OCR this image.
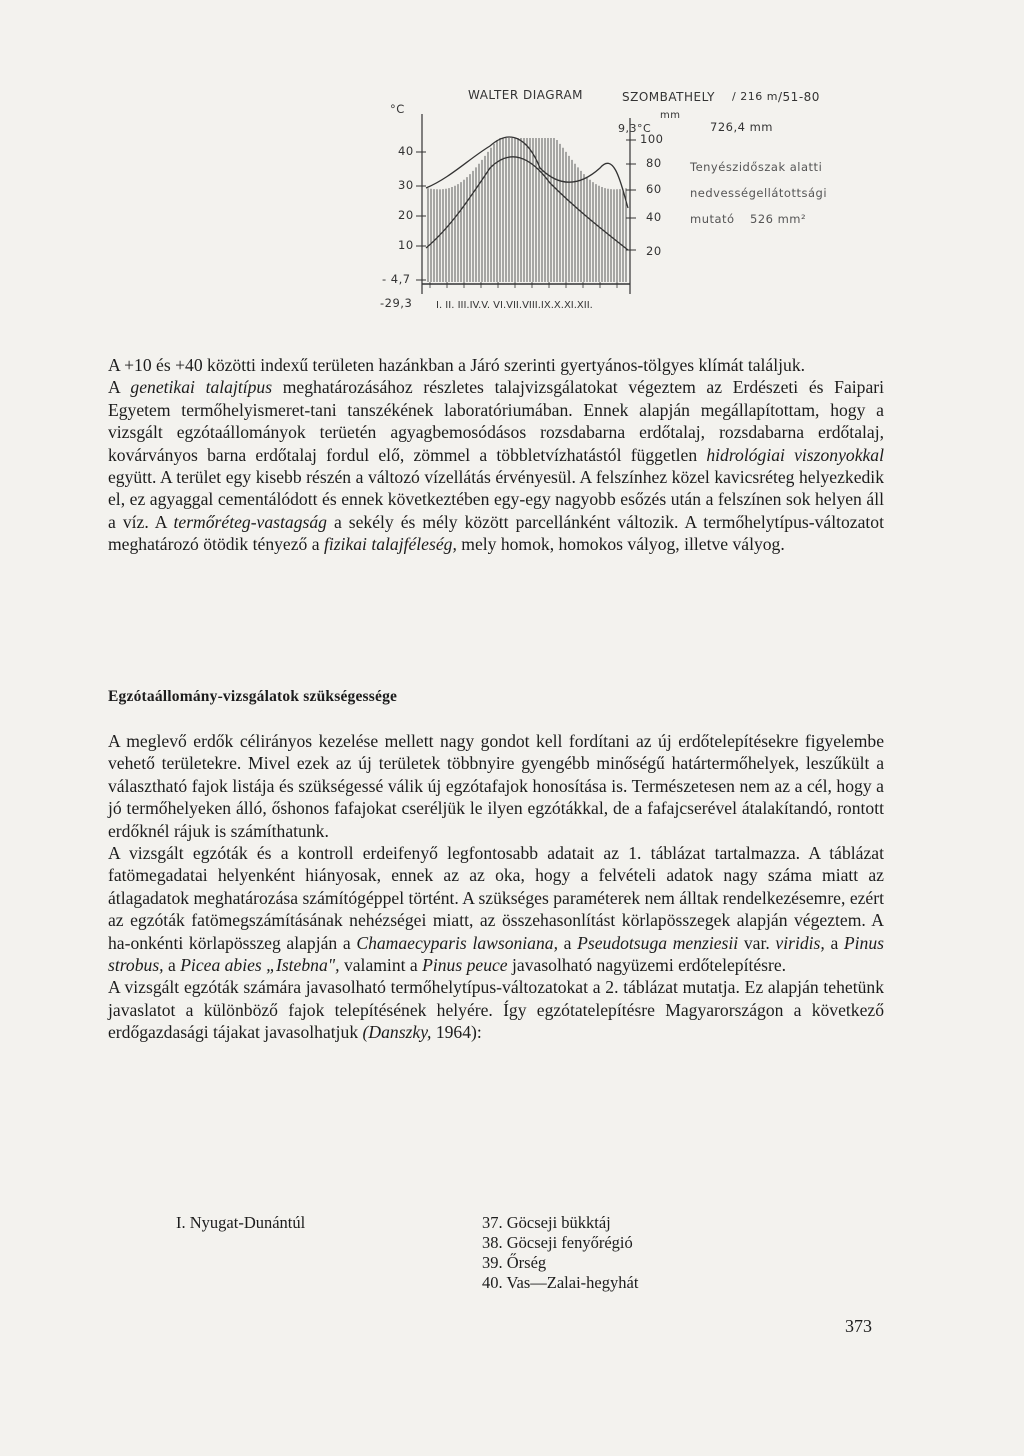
WALTER DIAGRAM	SZOMBATHELY / 216 m /51-80
°C	mm
9,3°C	726,4 mm
Tenyészidőszak alatti
nedvességellátottsági
mutató 526 mm²
100
80
60
40
20
40
30
20
10
- 4,7
-29,3 I. II. III.IV.V. VI.VII.VIII.IX.X.XI.XII.

A +10 és +40 közötti indexű területen hazánkban a Járó szerinti gyertyános-tölgyes klímát találjuk.

A genetikai talajtípus meghatározásához részletes talajvizsgálatokat végeztem az Erdészeti és Faipari Egyetem termőhelyismeret-tani tanszékének laboratóriumában. Ennek alapján megállapítottam, hogy a vizsgált egzótaállományok terüetén agyagbemosódásos rozsdabarna erdőtalaj, rozsdabarna erdőtalaj, kovárványos barna erdőtalaj fordul elő, zömmel a többletvízhatástól független hidrológiai viszonyokkal együtt. A terület egy kisebb részén a változó vízellátás érvényesül. A felszínhez közel kavicsréteg helyezkedik el, ez agyaggal cementálódott és ennek következtében egy-egy nagyobb esőzés után a felszínen sok helyen áll a víz. A termőréteg-vastagság a sekély és mély között parcellánként változik. A termőhelytípus-változatot meghatározó ötödik tényező a fizikai talajféleség, mely homok, homokos vályog, illetve vályog.

Egzótaállomány-vizsgálatok szükségessége

A meglevő erdők célirányos kezelése mellett nagy gondot kell fordítani az új erdőtelepítésekre figyelembe vehető területekre. Mivel ezek az új területek többnyire gyengébb minőségű határtermőhelyek, leszűkült a választható fajok listája és szükségessé válik új egzótafajok honosítása is. Természetesen nem az a cél, hogy a jó termőhelyeken álló, őshonos fafajokat cseréljük le ilyen egzótákkal, de a fafajcserével átalakítandó, rontott erdőknél rájuk is számíthatunk.

A vizsgált egzóták és a kontroll erdeifenyő legfontosabb adatait az 1. táblázat tartalmazza. A táblázat fatömegadatai helyenként hiányosak, ennek az az oka, hogy a felvételi adatok nagy száma miatt az átlagadatok meghatározása számítógéppel történt. A szükséges paraméterek nem álltak rendelkezésemre, ezért az egzóták fatömegszámításának nehézségei miatt, az összehasonlítást körlapösszegek alapján végeztem. A ha-onkénti körlapösszeg alapján a Chamaecyparis lawsoniana, a Pseudotsuga menziesii var. viridis, a Pinus strobus, a Picea abies „Istebna", valamint a Pinus peuce javasolható nagyüzemi erdőtelepítésre.

A vizsgált egzóták számára javasolható termőhelytípus-változatokat a 2. táblázat mutatja. Ez alapján tehetünk javaslatot a különböző fajok telepítésének helyére. Így egzótatelepítésre Magyarországon a következő erdőgazdasági tájakat javasolhatjuk (Danszky, 1964):

I. Nyugat-Dunántúl	37. Göcseji bükktáj
38. Göcseji fenyőrégió
39. Őrség
40. Vas—Zalai-hegyhát
373
